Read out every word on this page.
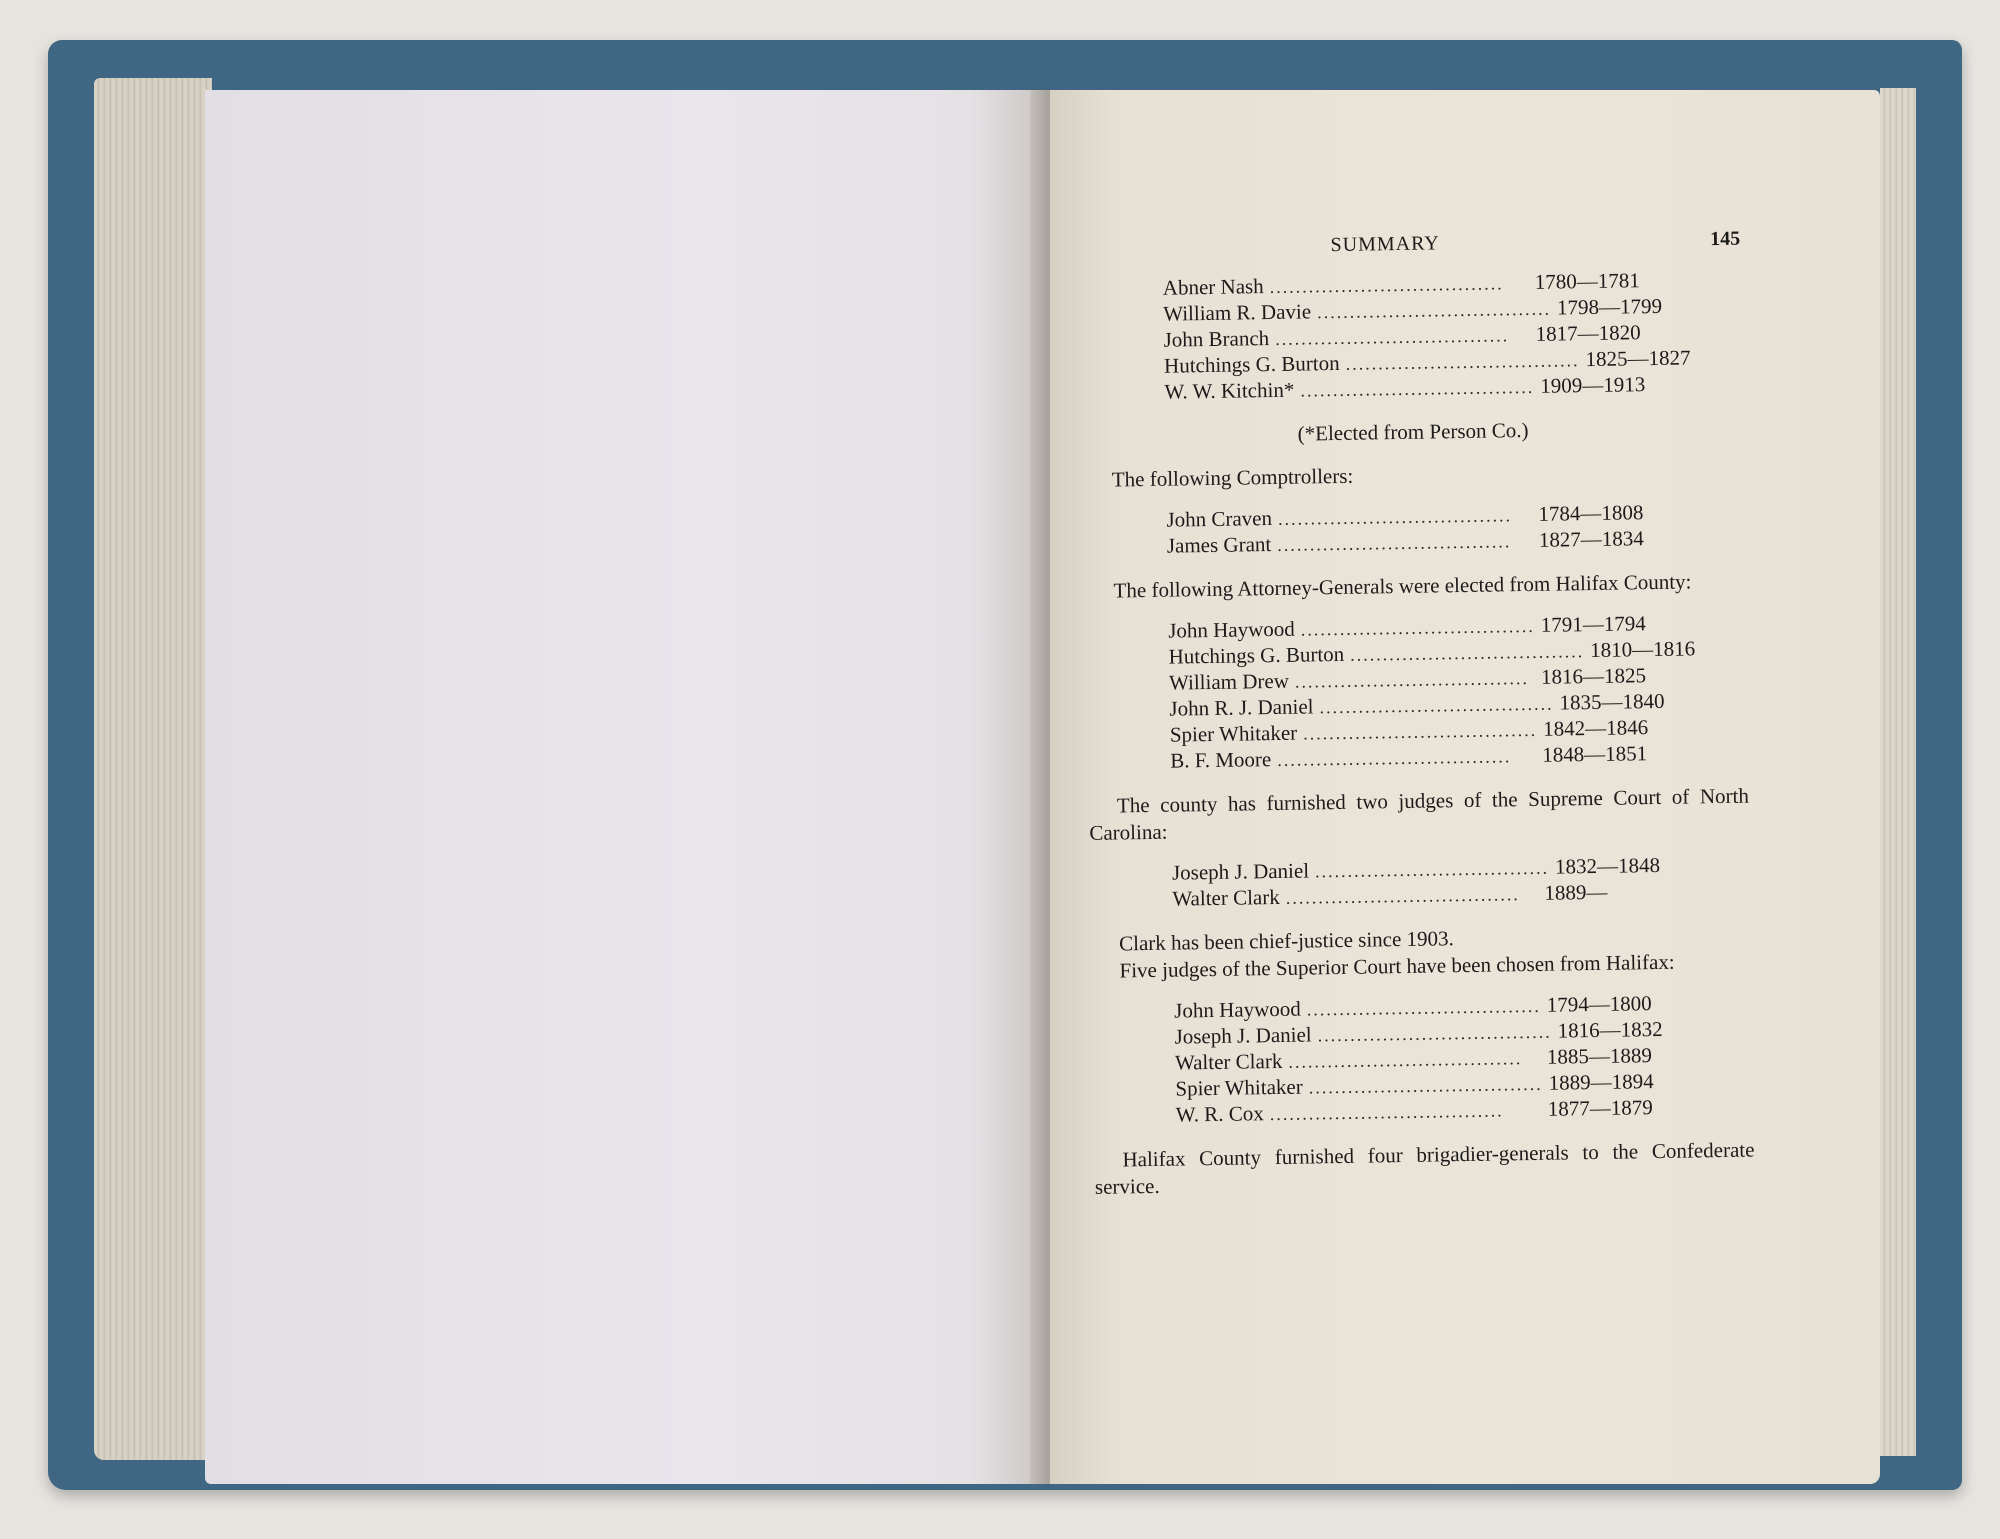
SUMMARY	145
Abner Nash ....................................	1780—1781
William R. Davie .................................... 1798—1799
John Branch ....................................	1817—1820
Hutchings G. Burton .................................... 1825—1827
W. W. Kitchin* .................................... 1909—1913
(*Elected from Person Co.)

The following Comptrollers:

John Craven ....................................	1784—1808
James Grant ....................................	1827—1834

The following Attorney-Generals were elected from Halifax County:

John Haywood .................................... 1791—1794
Hutchings G. Burton .................................... 1810—1816
William Drew .................................... 1816—1825
John R. J. Daniel .................................... 1835—1840
Spier Whitaker .................................... 1842—1846
B. F. Moore ....................................	1848—1851

The county has furnished two judges of the Supreme Court of North Carolina:

Joseph J. Daniel .................................... 1832—1848
Walter Clark ....................................	1889—

Clark has been chief-justice since 1903.

Five judges of the Superior Court have been chosen from Halifax:

John Haywood .................................... 1794—1800
Joseph J. Daniel .................................... 1816—1832
Walter Clark ....................................	1885—1889
Spier Whitaker .................................... 1889—1894
W. R. Cox ....................................	1877—1879

Halifax County furnished four brigadier-generals to the Confederate service.
